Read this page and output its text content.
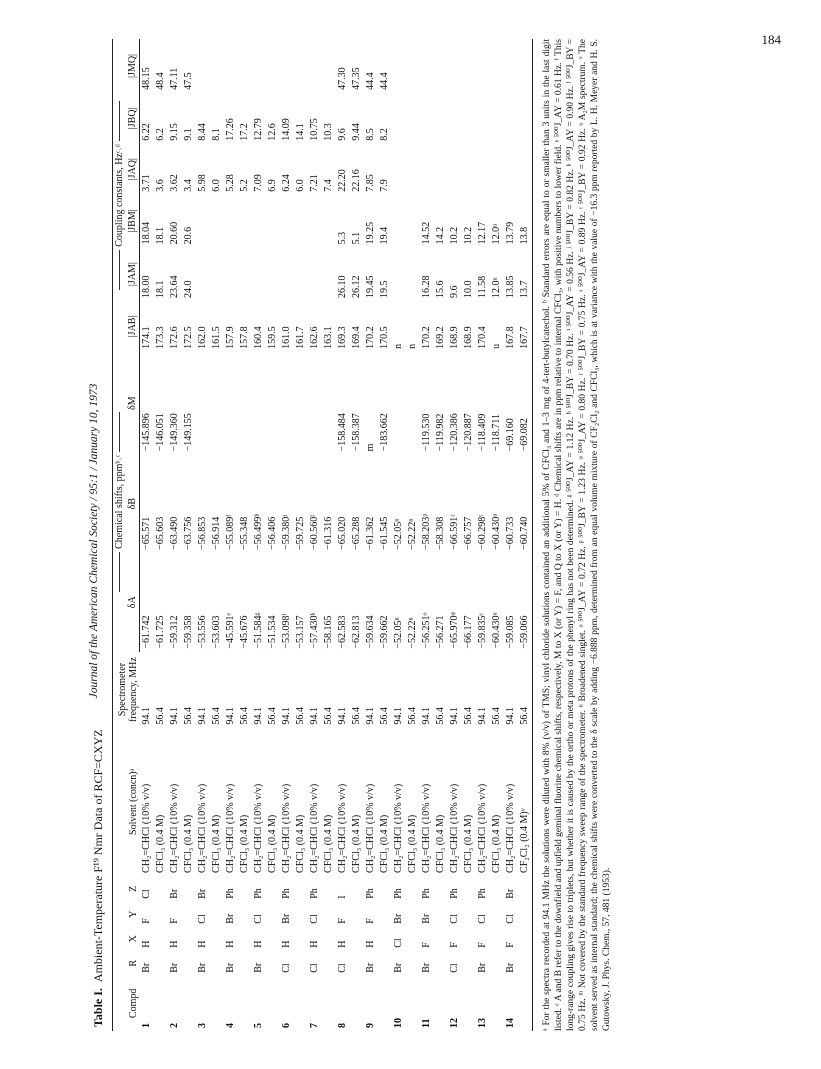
184
Journal of the American Chemical Society / 95:1 / January 10, 1973
Table I.Ambient-Temperature F¹⁹ Nmr Data of RCF=CXYZ
Compd	R	X	Y	Z	Solvent (concn)ᵃ	Spectrometer frequency, MHz	Chemical shifts, ppmᵇ˒ᶜ			Coupling constants, Hzᶜ˒ᵈ					
							δA	δB	δM	|JAB|	|JAM|	|JBM|	|JAQ|	|JBQ|	|JMQ|
1	Br	H	F	Cl	CH₂=CHCl (10% v/v)	94.1	−61.742	−65.571	−145.896	174.1	18.00	18.04	3.71	6.22	48.15
					CFCl₃ (0.4 M)	56.4	−61.725	−65.603	−146.051	173.3	18.1	18.1	3.6	6.2	48.4
2	Br	H	F	Br	CH₂=CHCl (10% v/v)	94.1	−59.312	−63.490	−149.360	172.6	23.64	20.60	3.62	9.15	47.11
					CFCl₃ (0.4 M)	56.4	−59.358	−63.756	−149.155	172.5	24.0	20.6	3.4	9.1	47.5
3	Br	H	Cl	Br	CH₂=CHCl (10% v/v)	94.1	−53.556	−56.853		162.0			5.98	8.44	
					CFCl₃ (0.4 M)	56.4	−53.603	−56.914		161.5			6.0	8.1	
4	Br	H	Br	Ph	CH₂=CHCl (10% v/v)	94.1	−45.591ᵉ	−55.089ᶠ		157.9			5.28	17.26	
					CFCl₃ (0.4 M)	56.4	−45.676	−55.348		157.8			5.2	17.2	
5	Br	H	Cl	Ph	CH₂=CHCl (10% v/v)	94.1	−51.584ᵍ	−56.499ʰ		160.4			7.09	12.79	
					CFCl₃ (0.4 M)	56.4	−51.534	−56.406		159.5			6.9	12.6	
6	Cl	H	Br	Ph	CH₂=CHCl (10% v/v)	94.1	−53.098ⁱ	−59.380ʲ		161.0			6.24	14.09	
					CFCl₃ (0.4 M)	56.4	−53.157	−59.725		161.7			6.0	14.1	
7	Cl	H	Cl	Ph	CH₂=CHCl (10% v/v)	94.1	−57.430ᵏ	−60.560ˡ		162.6			7.21	10.75	
					CFCl₃ (0.4 M)	56.4	−58.165	−61.316		163.1			7.4	10.3	
8	Cl	H	F	I	CH₂=CHCl (10% v/v)	94.1	−62.583	−65.020	−158.484	169.3	26.10	5.3	22.20	9.6	47.30
					CFCl₃ (0.4 M)	56.4	−62.813	−65.288	−158.387	169.4	26.12	5.1	22.16	9.44	47.35
9	Br	H	F	Ph	CH₂=CHCl (10% v/v)	94.1	−59.634	−61.362	m	170.2	19.45	19.25	7.85	8.5	44.4
					CFCl₃ (0.4 M)	56.4	−59.662	−61.545	−183.662	170.5	19.5	19.4	7.9	8.2	44.4
10	Br	Cl	Br	Ph	CH₂=CHCl (10% v/v)	94.1	−52.05ⁿ	−52.05ⁿ		n					
					CFCl₃ (0.4 M)	56.4	−52.22ⁿ	−52.22ⁿ		n					
11	Br	F	Br	Ph	CH₂=CHCl (10% v/v)	94.1	−56.251ᵒ	−58.203ᵖ	−119.530	170.2	16.28	14.52			
					CFCl₃ (0.4 M)	56.4	−56.271	−58.308	−119.982	169.2	15.6	14.2			
12	Cl	F	Cl	Ph	CH₂=CHCl (10% v/v)	94.1	−65.970ᵠ	−66.591ʳ	−120.386	168.9	9.6	10.2			
					CFCl₃ (0.4 M)	56.4	−66.177	−66.757	−120.887	168.9	10.0	10.2			
13	Br	F	Cl	Ph	CH₂=CHCl (10% v/v)	94.1	−59.835ˢ	−60.298ᵗ	−118.409	170.4	11.58	12.17			
					CFCl₃ (0.4 M)	56.4	−60.430ᵘ	−60.430ᵘ	−118.711	u	12.0ᵘ	12.0ᵘ			
14	Br	F	Cl	Br	CH₂=CHCl (10% v/v)	94.1	−59.085	−60.733	−69.160	167.8	13.85	13.79			
					CF₂Cl₂ (0.4 M)ᵛ	56.4	−59.066	−60.740	−69.082	167.7	13.7	13.8			ᵃ For the spectra recorded at 94.1 MHz the solutions were diluted with 8% (v/v) of TMS; vinyl chloride solutions contained an additional 5% of CFCl₃ and 1–3 mg of 4-tert-butylcatechol. ᵇ Standard errors are equal to or smaller than 3 units in the last digit listed. ᶜ A and B refer to the downfield and upfield geminal fluorine chemical shifts, respectively, M to X (or Y) = F, and Q to X (or Y) = H. ᵈ Chemical shifts are in ppm relative to internal CFCl₃, with positive numbers to lower field. ᵉ ⁵⁰⁰J_AY = 0.61 Hz. ᶠ This long-range coupling gives rise to triplets, but whether it is caused by the ortho or meta protons of the phenyl ring has not been determined. ᵍ ⁵⁰⁰J_AY = 1.12 Hz. ʰ ⁵⁰⁰J_BY = 0.70 Hz. ⁱ ⁵⁰⁰J_AY = 0.56 Hz. ʲ ⁵⁰⁰J_BY = 0.82 Hz. ᵏ ⁵⁰⁰J_AY = 0.90 Hz. ˡ ⁵⁰⁰J_BY = 0.75 Hz. ᵐ Not covered by the standard frequency sweep range of the spectrometer. ⁿ Broadened singlet. ᵒ ⁵⁰⁰J_AY = 0.72 Hz. ᵖ ⁵⁰⁰J_BY = 1.23 Hz. ᵠ ⁵⁰⁰J_AY = 0.80 Hz. ʳ ⁵⁰⁰J_BY = 0.75 Hz. ˢ ⁵⁰⁰J_AY = 0.89 Hz. ᵗ ⁵⁰⁰J_BY = 0.92 Hz. ᵘ A₂M spectrum. ᵛ The solvent served as internal standard; the chemical shifts were converted to the δ scale by adding −6.888 ppm, determined from an equal volume mixture of CF₂Cl₂ and CFCl₃, which is at variance with the value of −16.3 ppm reported by L. H. Meyer and H. S. Gutowsky, J. Phys. Chem., 57, 481 (1953).
